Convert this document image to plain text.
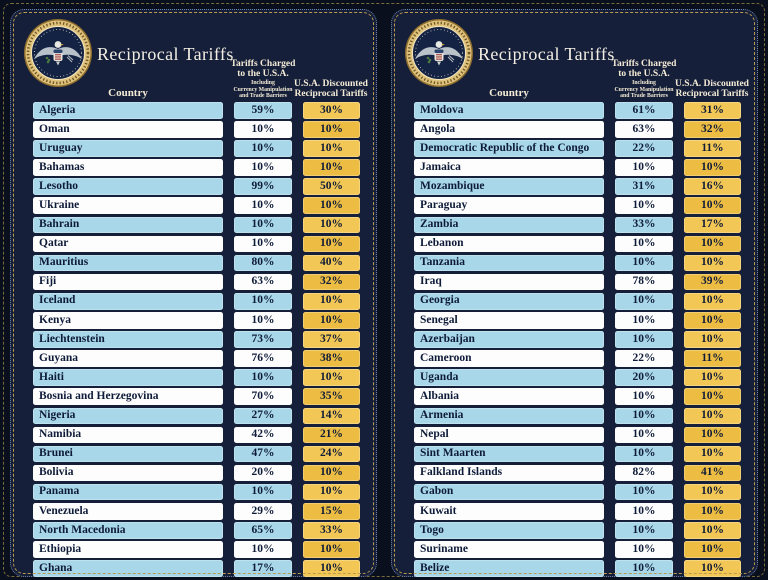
Reciprocal Tariffs
Country
Tariffs Charged
to the U.S.A.
Including
Currency Manipulation
and Trade Barriers
U.S.A. Discounted
Reciprocal Tariffs
Algeria	59%	30%
Oman	10%	10%
Uruguay	10%	10%
Bahamas	10%	10%
Lesotho	99%	50%
Ukraine	10%	10%
Bahrain	10%	10%
Qatar	10%	10%
Mauritius	80%	40%
Fiji	63%	32%
Iceland	10%	10%
Kenya	10%	10%
Liechtenstein	73%	37%
Guyana	76%	38%
Haiti	10%	10%
Bosnia and Herzegovina	70%	35%
Nigeria	27%	14%
Namibia	42%	21%
Brunei	47%	24%
Bolivia	20%	10%
Panama	10%	10%
Venezuela	29%	15%
North Macedonia	65%	33%
Ethiopia	10%	10%
Ghana	17%	10%
Reciprocal Tariffs
Country
Tariffs Charged
to the U.S.A.
Including
Currency Manipulation
and Trade Barriers
U.S.A. Discounted
Reciprocal Tariffs
Moldova	61%	31%
Angola	63%	32%
Democratic Republic of the Congo	22%	11%
Jamaica	10%	10%
Mozambique	31%	16%
Paraguay	10%	10%
Zambia	33%	17%
Lebanon	10%	10%
Tanzania	10%	10%
Iraq	78%	39%
Georgia	10%	10%
Senegal	10%	10%
Azerbaijan	10%	10%
Cameroon	22%	11%
Uganda	20%	10%
Albania	10%	10%
Armenia	10%	10%
Nepal	10%	10%
Sint Maarten	10%	10%
Falkland Islands	82%	41%
Gabon	10%	10%
Kuwait	10%	10%
Togo	10%	10%
Suriname	10%	10%
Belize	10%	10%
